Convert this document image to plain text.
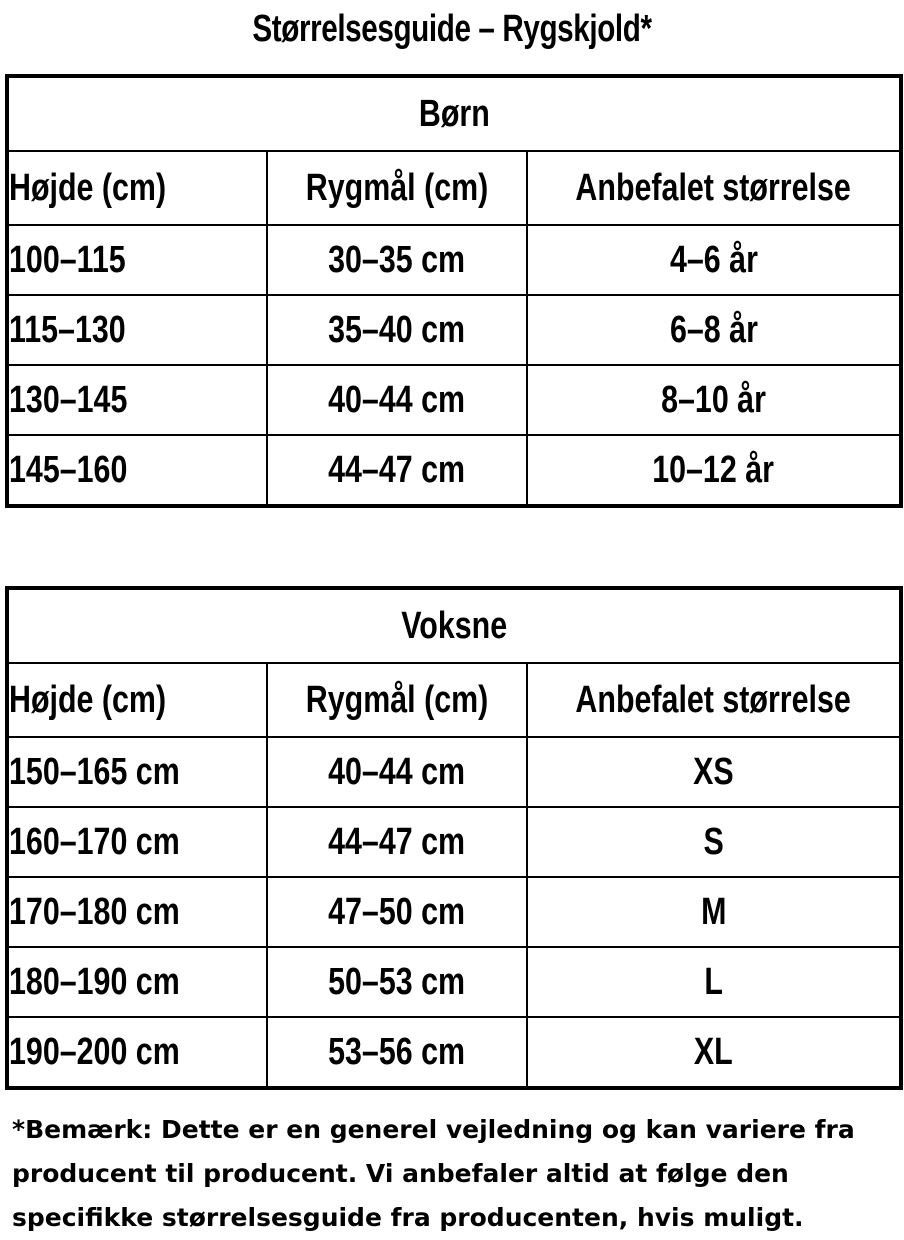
Størrelsesguide – Rygskjold*
Børn		
Højde (cm)	Rygmål (cm)	Anbefalet størrelse
100–115	30–35 cm	4–6 år
115–130	35–40 cm	6–8 år
130–145	40–44 cm	8–10 år
145–160	44–47 cm	10–12 år
Voksne		
Højde (cm)	Rygmål (cm)	Anbefalet størrelse
150–165 cm	40–44 cm	XS
160–170 cm	44–47 cm	S
170–180 cm	47–50 cm	M
180–190 cm	50–53 cm	L
190–200 cm	53–56 cm	XL
*Bemærk: Dette er en generel vejledning og kan variere fra producent til producent. Vi anbefaler altid at følge den specifikke størrelsesguide fra producenten, hvis muligt.
